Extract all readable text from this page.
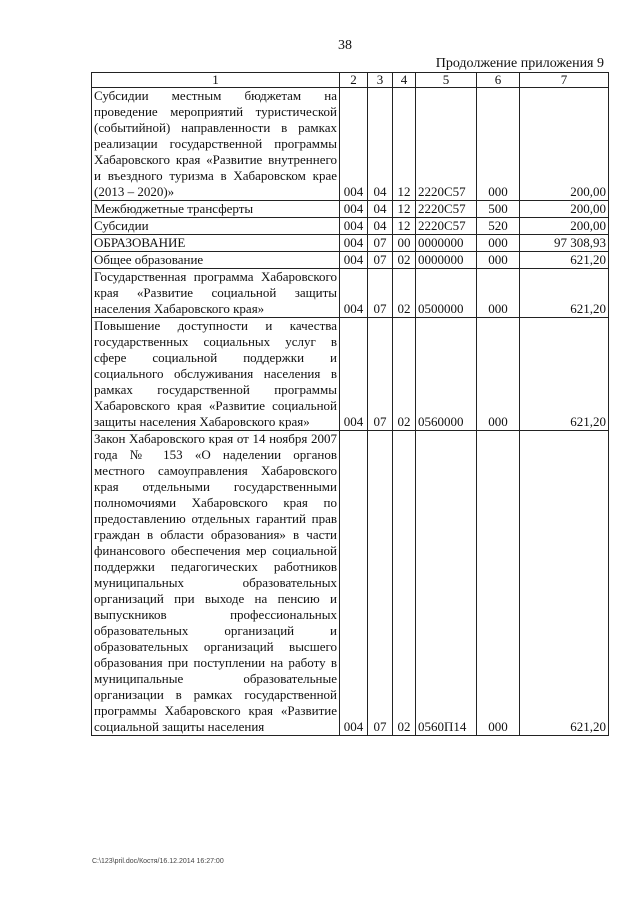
38
Продолжение приложения 9
1	2	3	4	5	6	7
Субсидии местным бюджетам на проведение мероприятий туристической (событийной) направленности в рамках реализации государственной программы Хабаровского края «Развитие внутреннего и въездного туризма в Хабаровском крае (2013 – 2020)»	004	04	12	2220С57	000	200,00
Межбюджетные трансферты	004	04	12	2220С57	500	200,00
Субсидии	004	04	12	2220С57	520	200,00
ОБРАЗОВАНИЕ	004	07	00	0000000	000	97 308,93
Общее образование	004	07	02	0000000	000	621,20
Государственная программа Хабаровского края «Развитие социальной защиты населения Хабаровского края»	004	07	02	0500000	000	621,20
Повышение доступности и качества государственных социальных услуг в сфере социальной поддержки и социального обслуживания населения в рамках государственной программы Хабаровского края «Развитие социальной защиты населения Хабаровского края»	004	07	02	0560000	000	621,20
Закон Хабаровского края от 14 ноября 2007 года № 153 «О наделении органов местного самоуправления Хабаровского края отдельными государственными полномочиями Хабаровского края по предоставлению отдельных гарантий прав граждан в области образования» в части финансового обеспечения мер социальной поддержки педагогических работников муниципальных образовательных организаций при выходе на пенсию и выпускников профессиональных образовательных организаций и образовательных организаций высшего образования при поступлении на работу в муниципальные образовательные организации в рамках государственной программы Хабаровского края «Развитие социальной защиты населения	004	07	02	0560П14	000	621,20
C:\123\pril.doc/Костя/16.12.2014 16:27:00
